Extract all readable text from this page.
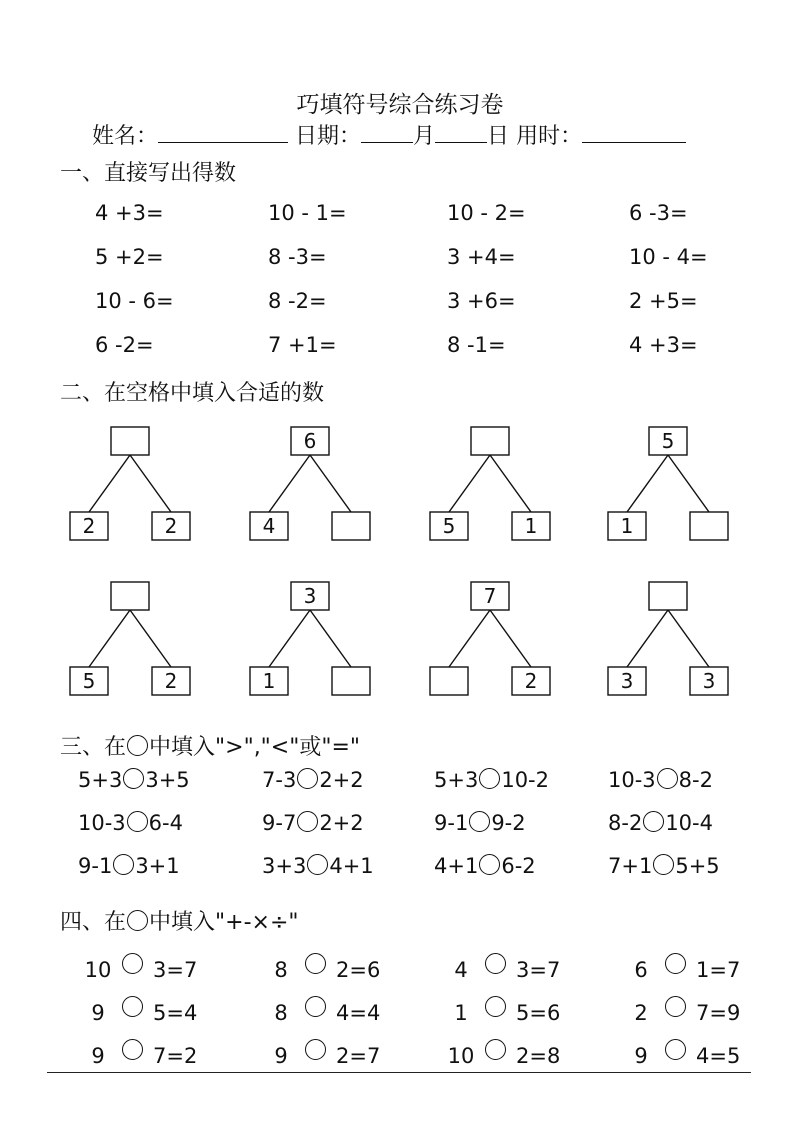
巧填符号综合练习卷
姓名：	日期： 月 日 用时：
一、直接写出得数
4 +3=	10 - 1=	10 - 2=	6 -3=
5 +2=	8 -3=	3 +4=	10 - 4=
10 - 6=	8 -2=	3 +6=	2 +5=
6 -2=	7 +1=	8 -1=	4 +3=
二、在空格中填入合适的数
2	2
6
4	5	1
5
1
5	2
3
1
7
2	3	3
三、在 中填入">","<"或"="
5+3 3+5	7-3 2+2	5+3 10-2	10-3 8-2
10-3 6-4	9-7 2+2	9-1 9-2	8-2 10-4
9-1 3+1	3+3 4+1	4+1 6-2	7+1 5+5
四、在 中填入"+-×÷"
10 3=7	8 2=6	4 3=7	6 1=7
9 5=4	8 4=4	1 5=6	2 7=9
9 7=2	9 2=7	10 2=8	9 4=5
